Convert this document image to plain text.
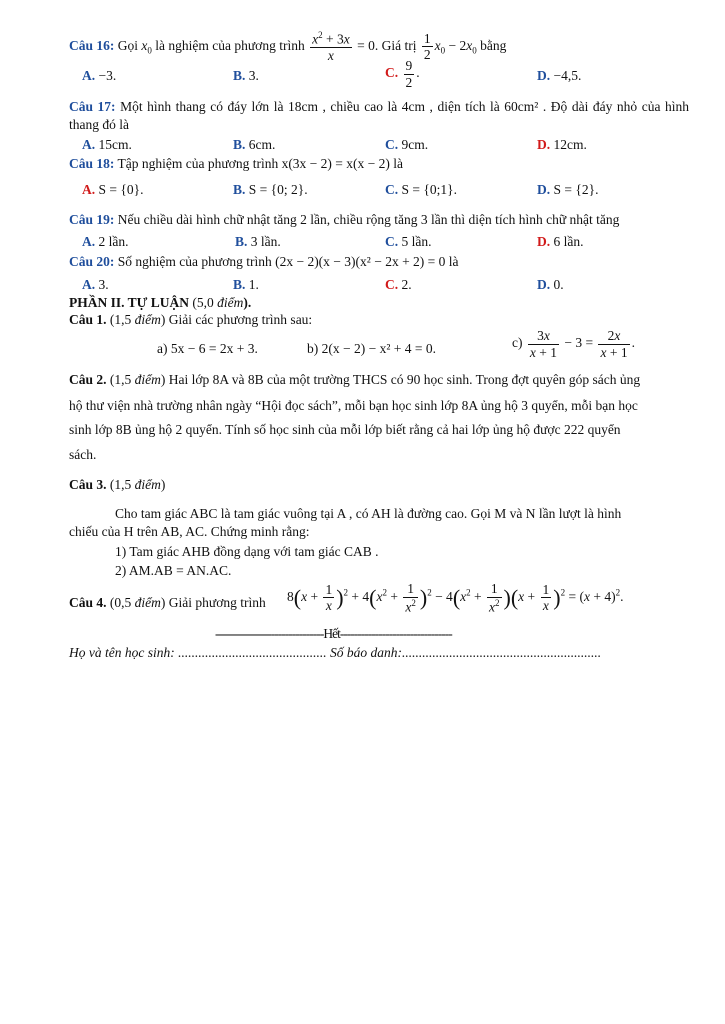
Câu 16: Gọi $x_0$ là nghiệm của phương trình $\frac{x^2 + 3x}{x} = 0$. Giá trị $\frac{1}{2} x_0 - 2x_0$ bằng
A. −3.	B. 3.	C. $\frac{9}{2}$ .	D. −4,5.
Câu 17: Một hình thang có đáy lớn là 18cm , chiều cao là 4cm , diện tích là 60cm² . Độ dài đáy nhỏ của hình thang đó là
A. 15cm.	B. 6cm.	C. 9cm.	D. 12cm.
Câu 18: Tập nghiệm của phương trình x(3x − 2) = x(x − 2) là
A. S = {0}.	B. S = {0; 2}.	C. S = {0;1}.	D. S = {2}.
Câu 19: Nếu chiều dài hình chữ nhật tăng 2 lần, chiều rộng tăng 3 lần thì diện tích hình chữ nhật tăng
A. 2 lần.	B. 3 lần.	C. 5 lần.	D. 6 lần.
Câu 20: Số nghiệm của phương trình (2x − 2)(x − 3)(x² − 2x + 2) = 0 là
A. 3.	B. 1.	C. 2.	D. 0.
PHẦN II. TỰ LUẬN (5,0 điểm).
Câu 1. (1,5 điểm) Giải các phương trình sau:
a) 5x − 6 = 2x + 3.	b) 2(x − 2) − x² + 4 = 0.	$c) \frac{3x}{x + 1} - 3 = \frac{2x}{x + 1}$ .
Câu 2. (1,5 điểm) Hai lớp 8A và 8B của một trường THCS có 90 học sinh. Trong đợt quyên góp sách ủng
hộ thư viện nhà trường nhân ngày “Hội đọc sách”, mỗi bạn học sinh lớp 8A ủng hộ 3 quyển, mỗi bạn học
sinh lớp 8B ủng hộ 2 quyển. Tính số học sinh của mỗi lớp biết rằng cả hai lớp ủng hộ được 222 quyển
sách.
Câu 3. (1,5 điểm)
Cho tam giác ABC là tam giác vuông tại A , có AH là đường cao. Gọi M và N lần lượt là hình
chiếu của H trên AB, AC. Chứng minh rằng:
1) Tam giác AHB đồng dạng với tam giác CAB .
2) AM.AB = AN.AC.
Câu 4. (0,5 điểm) Giải phương trình $8(x + \frac{1}{x} )^2 + 4(x^2 + \frac{1}{x^2} )^2 - 4(x^2 + \frac{1}{x^2} )(x + \frac{1}{x} )^2 = (x + 4)^2$.
-------------------------------Hết--------------------------------
Họ và tên học sinh: ............................................ Số báo danh:...........................................................
